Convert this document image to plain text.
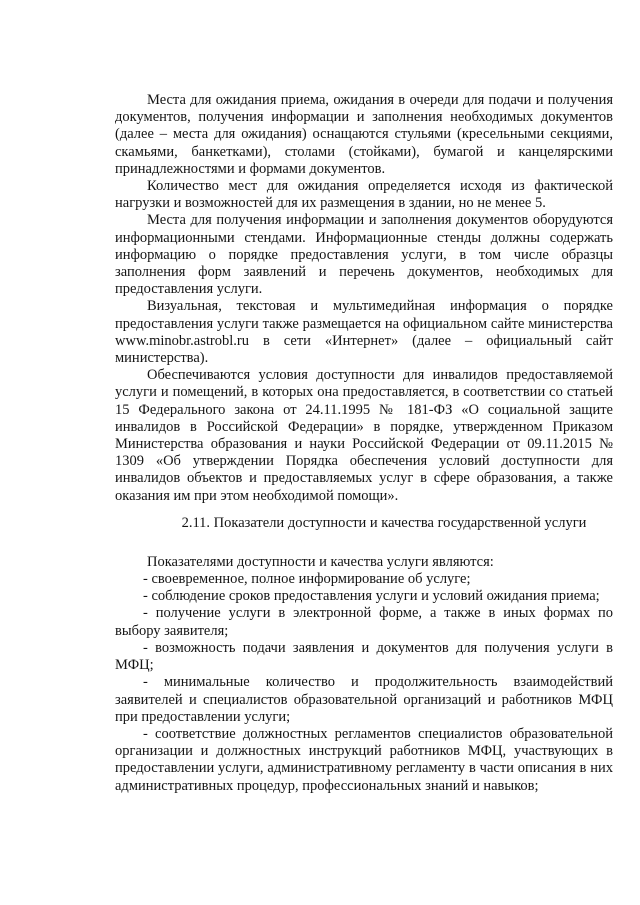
Места для ожидания приема, ожидания в очереди для подачи и получения документов, получения информации и заполнения необходимых документов (далее – места для ожидания) оснащаются стульями (кресельными секциями, скамьями, банкетками), столами (стойками), бумагой и канцелярскими принадлежностями и формами документов.

Количество мест для ожидания определяется исходя из фактической нагрузки и возможностей для их размещения в здании, но не менее 5.

Места для получения информации и заполнения документов оборудуются информационными стендами. Информационные стенды должны содержать информацию о порядке предоставления услуги, в том числе образцы заполнения форм заявлений и перечень документов, необходимых для предоставления услуги.

Визуальная, текстовая и мультимедийная информация о порядке предоставления услуги также размещается на официальном сайте министерства www.minobr.astrobl.ru в сети «Интернет» (далее – официальный сайт министерства).

Обеспечиваются условия доступности для инвалидов предоставляемой услуги и помещений, в которых она предоставляется, в соответствии со статьей 15 Федерального закона от 24.11.1995 № 181-ФЗ «О социальной защите инвалидов в Российской Федерации» в порядке, утвержденном Приказом Министерства образования и науки Российской Федерации от 09.11.2015 № 1309 «Об утверждении Порядка обеспечения условий доступности для инвалидов объектов и предоставляемых услуг в сфере образования, а также оказания им при этом необходимой помощи».

2.11. Показатели доступности и качества государственной услуги

Показателями доступности и качества услуги являются:

- своевременное, полное информирование об услуге;

- соблюдение сроков предоставления услуги и условий ожидания приема;

- получение услуги в электронной форме, а также в иных формах по выбору заявителя;

- возможность подачи заявления и документов для получения услуги в МФЦ;

- минимальные количество и продолжительность взаимодействий заявителей и специалистов образовательной организаций и работников МФЦ при предоставлении услуги;

- соответствие должностных регламентов специалистов образовательной организации и должностных инструкций работников МФЦ, участвующих в предоставлении услуги, административному регламенту в части описания в них административных процедур, профессиональных знаний и навыков;
